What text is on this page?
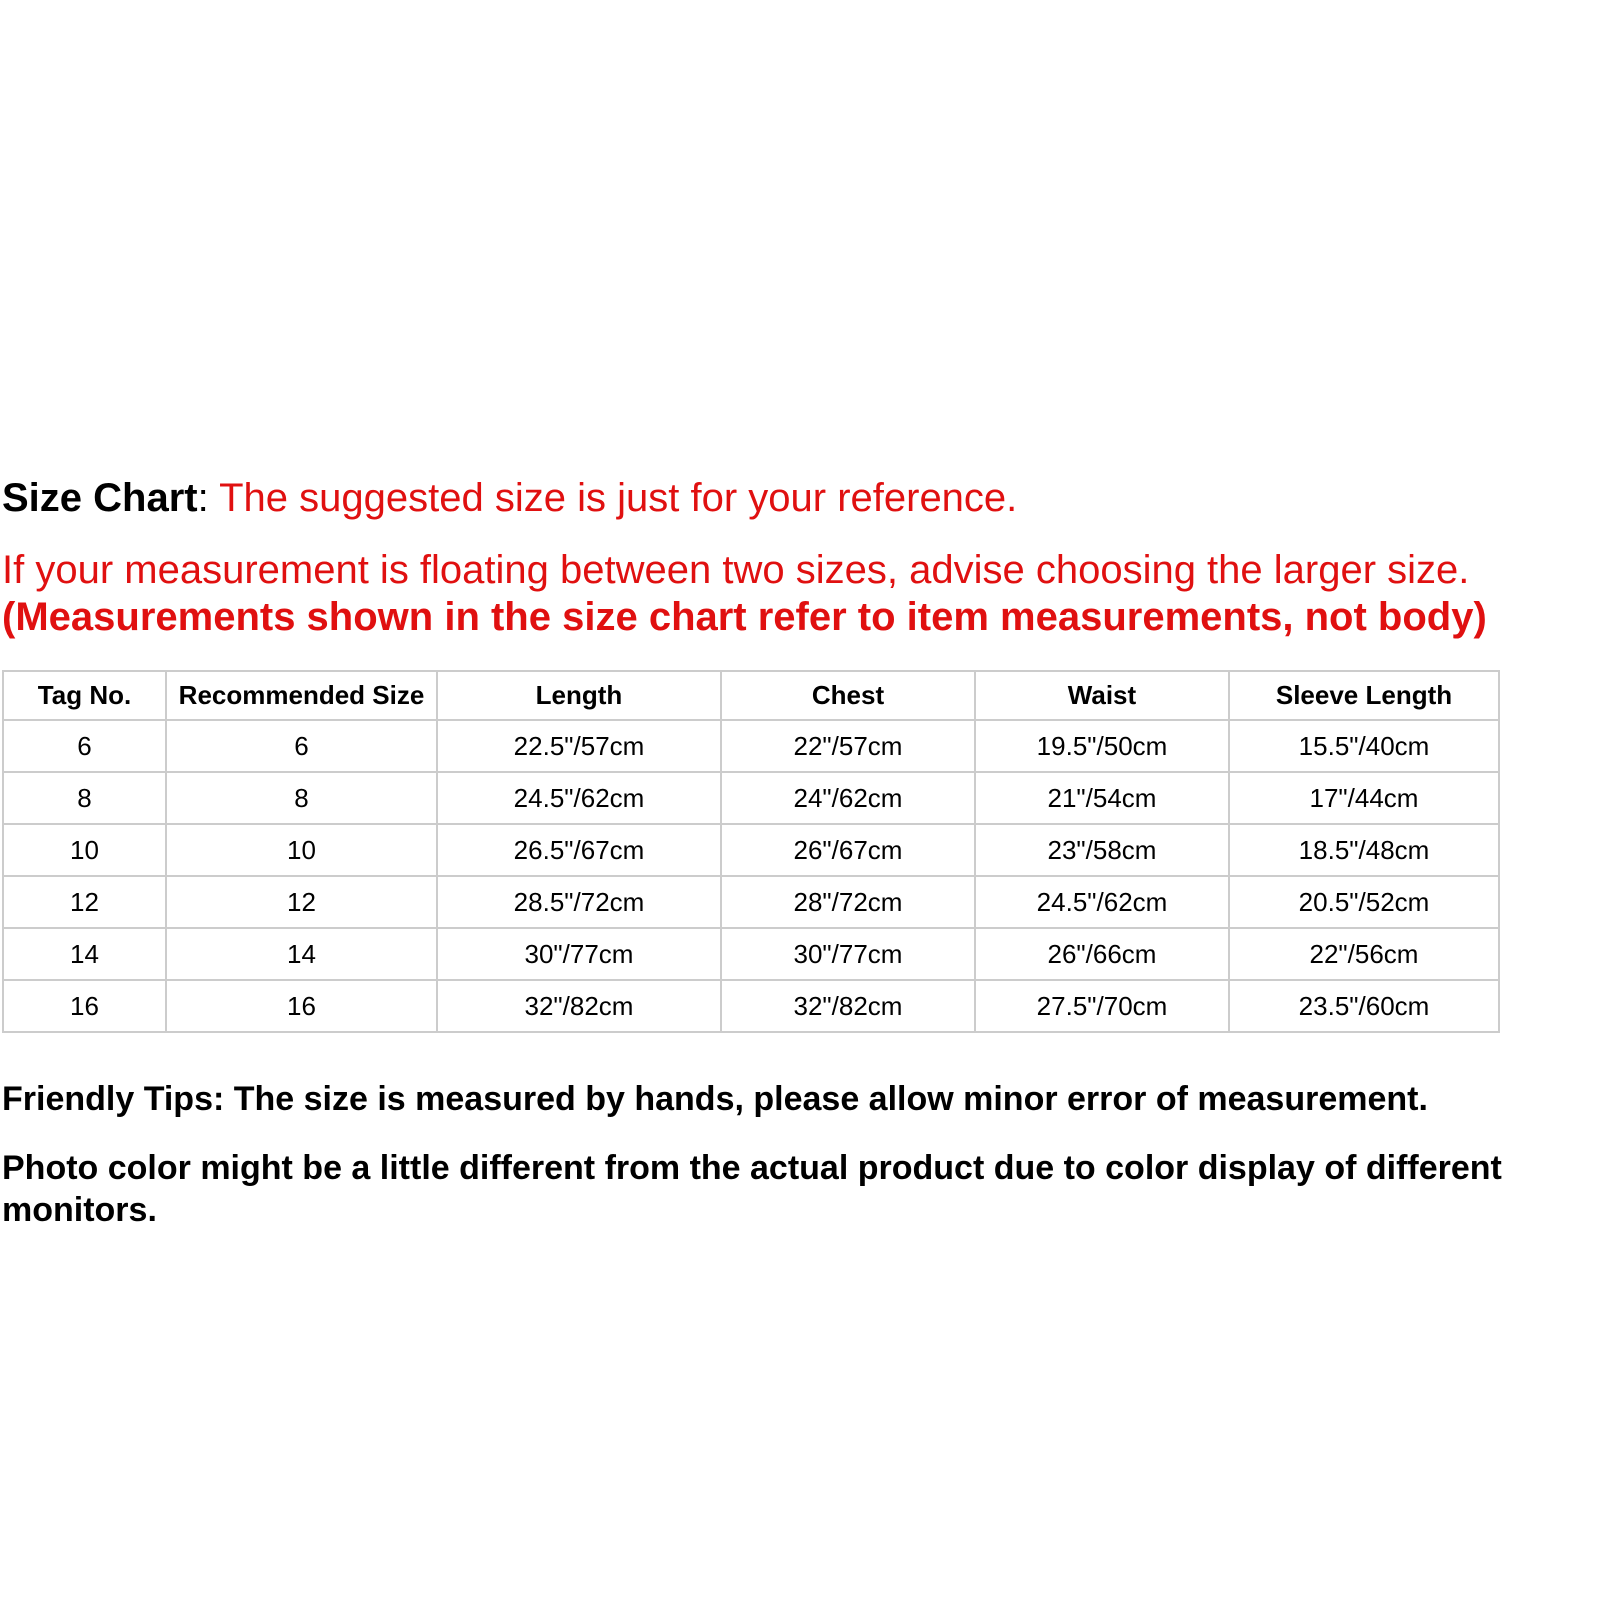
Size Chart: The suggested size is just for your reference.
If your measurement is floating between two sizes, advise choosing the larger size.
(Measurements shown in the size chart refer to item measurements, not body)
Tag No.	Recommended Size	Length	Chest	Waist	Sleeve Length
6	6	22.5"/57cm	22"/57cm	19.5"/50cm	15.5"/40cm
8	8	24.5"/62cm	24"/62cm	21"/54cm	17"/44cm
10	10	26.5"/67cm	26"/67cm	23"/58cm	18.5"/48cm
12	12	28.5"/72cm	28"/72cm	24.5"/62cm	20.5"/52cm
14	14	30"/77cm	30"/77cm	26"/66cm	22"/56cm
16	16	32"/82cm	32"/82cm	27.5"/70cm	23.5"/60cm
Friendly Tips: The size is measured by hands, please allow minor error of measurement.
Photo color might be a little different from the actual product due to color display of different
monitors.
